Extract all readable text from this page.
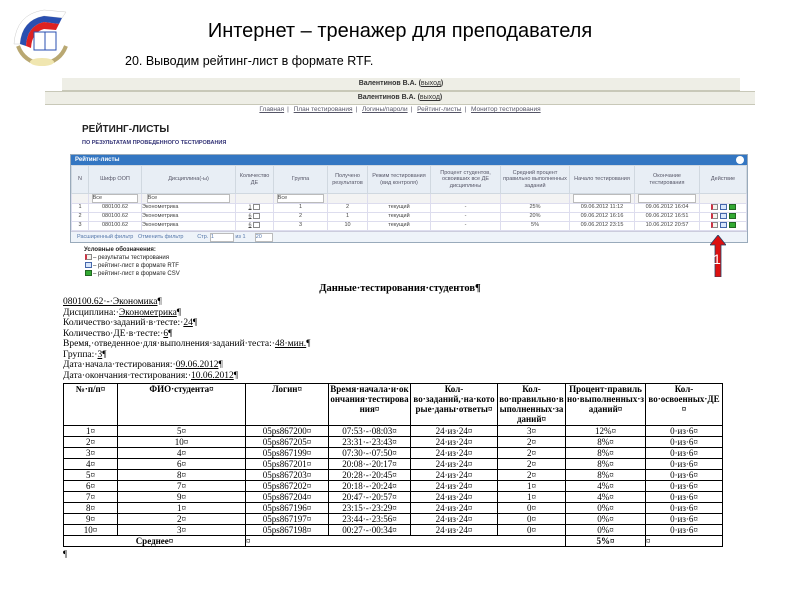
Интернет – тренажер для преподавателя
20. Выводим рейтинг-лист в формате RTF.
Валентинов В.А. (выход)
Валентинов В.А. (выход)
Главная | План тестирования | Логины/пароли | Рейтинг-листы | Монитор тестирования
РЕЙТИНГ-ЛИСТЫ
ПО РЕЗУЛЬТАТАМ ПРОВЕДЕННОГО ТЕСТИРОВАНИЯ
Рейтинг-листы
N	Шифр ООП	Дисциплина(-ы)	Количество ДЕ	Группа	Получено результатов	Режим тестирования (вид контроля)	Процент студентов, освоивших все ДЕ дисциплины	Средний процент правильно выполненных заданий	Начало тестирования	Окончание тестирования	Действие
	Все	Все		Все							
1	080100.62	Эконометрика	1	1	2	текущий	-	25%	09.06.2012 11:12	09.06.2012 16:04	
2	080100.62	Эконометрика	6	2	1	текущий	-	20%	09.06.2012 16:16	09.06.2012 16:51	
3	080100.62	Эконометрика	6	3	10	текущий	-	5%	09.06.2012 23:15	10.06.2012 20:57	
Расширенный фильтр Отменить фильтр	Стр. 1	из 1 20
Условные обозначения:
– результаты тестирования
– рейтинг-лист в формате RTF
– рейтинг-лист в формате CSV
1
Данные·тестирования·студентов¶
080100.62·-·Экономика¶
Дисциплина:·Эконометрика¶
Количество·заданий·в·тесте:·24¶
Количество·ДЕ·в·тесте:·6¶
Время,·отведенное·для·выполнения·заданий·теста:·48·мин.¶
Группа:·3¶
Дата·начала·тестирования:·09.06.2012¶
Дата·окончания·тестирования:·10.06.2012¶
№·п/п¤	ФИО·студента¤	Логин¤	Время·начала·и·окончания·тестирования¤	Кол-во·заданий,·на·которые·даны·ответы¤	Кол-во·правильно·выполненных·заданий¤	Процент·правильно·выполненных·заданий¤	Кол-во·освоенных·ДЕ¤
1¤	5¤	05ps867200¤	07:53·-·08:03¤	24·из·24¤	3¤	12%¤	0·из·6¤
2¤	10¤	05ps867205¤	23:31·-·23:43¤	24·из·24¤	2¤	8%¤	0·из·6¤
3¤	4¤	05ps867199¤	07:30·-·07:50¤	24·из·24¤	2¤	8%¤	0·из·6¤
4¤	6¤	05ps867201¤	20:08·-·20:17¤	24·из·24¤	2¤	8%¤	0·из·6¤
5¤	8¤	05ps867203¤	20:28·-·20:45¤	24·из·24¤	2¤	8%¤	0·из·6¤
6¤	7¤	05ps867202¤	20:18·-·20:24¤	24·из·24¤	1¤	4%¤	0·из·6¤
7¤	9¤	05ps867204¤	20:47·-·20:57¤	24·из·24¤	1¤	4%¤	0·из·6¤
8¤	1¤	05ps867196¤	23:15·-·23:29¤	24·из·24¤	0¤	0%¤	0·из·6¤
9¤	2¤	05ps867197¤	23:44·-·23:56¤	24·из·24¤	0¤	0%¤	0·из·6¤
10¤	3¤	05ps867198¤	00:27·-·00:34¤	24·из·24¤	0¤	0%¤	0·из·6¤
Среднее¤		¤				5%¤	¤
¶
